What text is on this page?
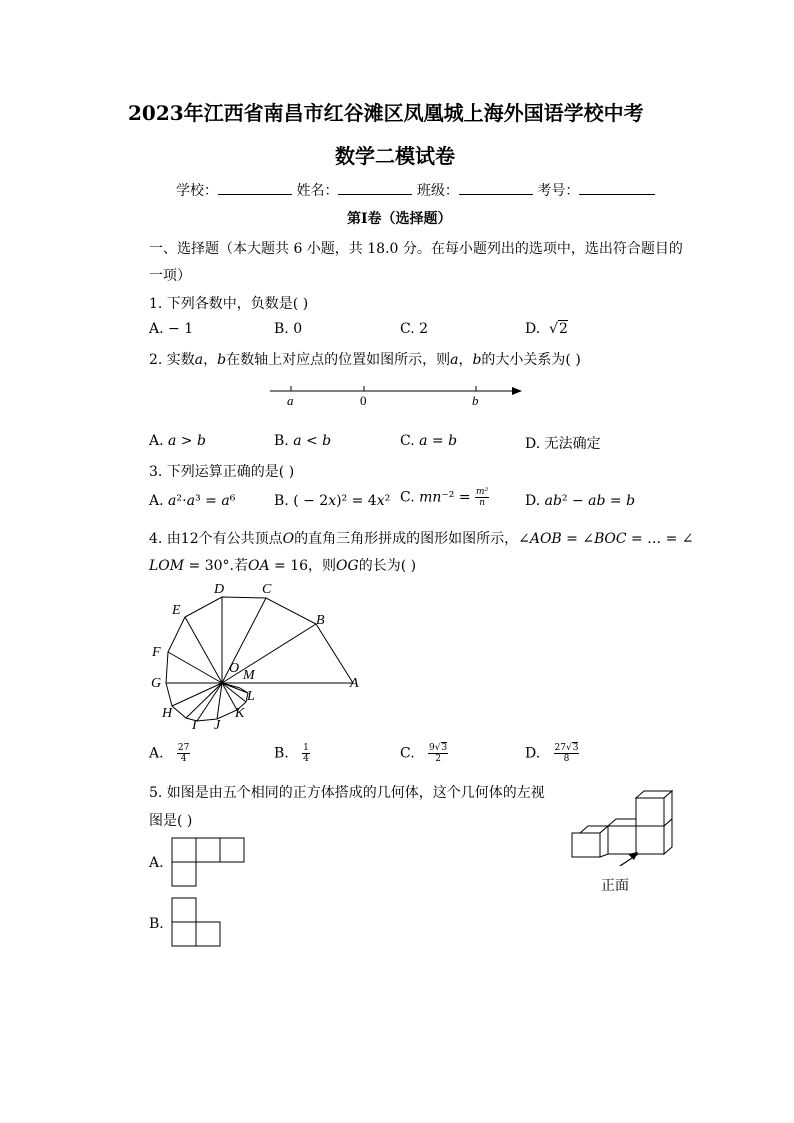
2023年江西省南昌市红谷滩区凤凰城上海外国语学校中考
数学二模试卷
学校：	姓名：	班级：	考号：
第I卷（选择题）
一、选择题（本大题共 6 小题，共 18.0 分。在每小题列出的选项中，选出符合题目的
一项）
1. 下列各数中，负数是( )
A. − 1	B. 0	C. 2	D. √2
2. 实数𝑎，𝑏在数轴上对应点的位置如图所示，则𝑎，𝑏的大小关系为( )
a	0	b
A. 𝑎 > 𝑏	B. 𝑎 < 𝑏	C. 𝑎 = 𝑏	D. 无法确定
3. 下列运算正确的是( )
A. 𝑎²⋅𝑎³ = 𝑎⁶	B. ( − 2𝑥)² = 4𝑥² C. 𝑚𝑛⁻² = $\frac{\text{m²}}{n}$	D. 𝑎𝑏² − 𝑎𝑏 = 𝑏
4. 由12个有公共顶点𝑂的直角三角形拼成的图形如图所示，∠𝐴𝑂𝐵 = ∠𝐵𝑂𝐶 = … = ∠
𝐿𝑂𝑀 = 30°.若𝑂𝐴 = 16，则𝑂𝐺的长为( )
A
B
C
D
E
F
G
H
I J
K
L
M
O
A. $\frac{27}{4}$	B. $\frac{1}{4}$	C. $\frac{9√3}{2}$	D. $\frac{27√3}{8}$
5. 如图是由五个相同的正方体搭成的几何体，这个几何体的左视
图是( )
正面
A.
B.
